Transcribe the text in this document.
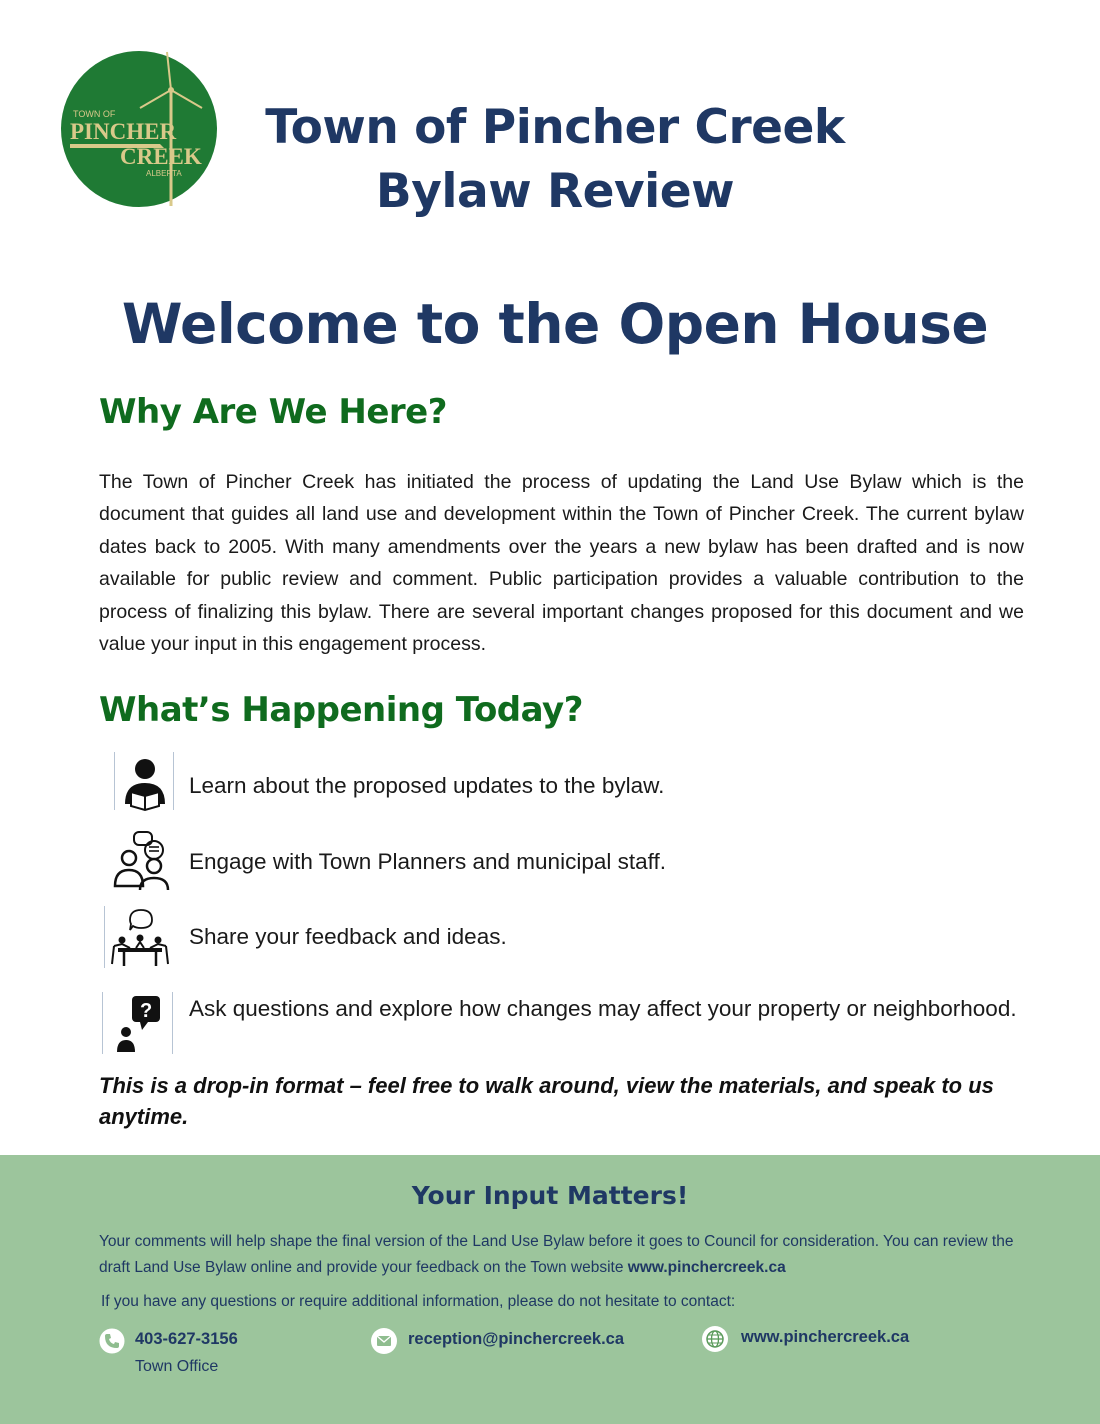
TOWN OF
PINCHER
CREEK
ALBERTA
Town of Pincher Creek
Bylaw Review
Welcome to the Open House
Why Are We Here?
The Town of Pincher Creek has initiated the process of updating the Land Use Bylaw which is the document that guides all land use and development within the Town of Pincher Creek. The current bylaw dates back to 2005. With many amendments over the years a new bylaw has been drafted and is now available for public review and comment. Public participation provides a valuable contribution to the process of finalizing this bylaw. There are several important changes proposed for this document and we value your input in this engagement process.
What’s Happening Today?
Learn about the proposed updates to the bylaw.
Engage with Town Planners and municipal staff.
Share your feedback and ideas.
? Ask questions and explore how changes may affect your property or neighborhood.
This is a drop-in format – feel free to walk around, view the materials, and speak to us anytime.
Your Input Matters!
Your comments will help shape the final version of the Land Use Bylaw before it goes to Council for consideration. You can review the draft Land Use Bylaw online and provide your feedback on the Town website www.pinchercreek.ca
If you have any questions or require additional information, please do not hesitate to contact:
403-627-3156
Town Office
reception@pinchercreek.ca	www.pinchercreek.ca
